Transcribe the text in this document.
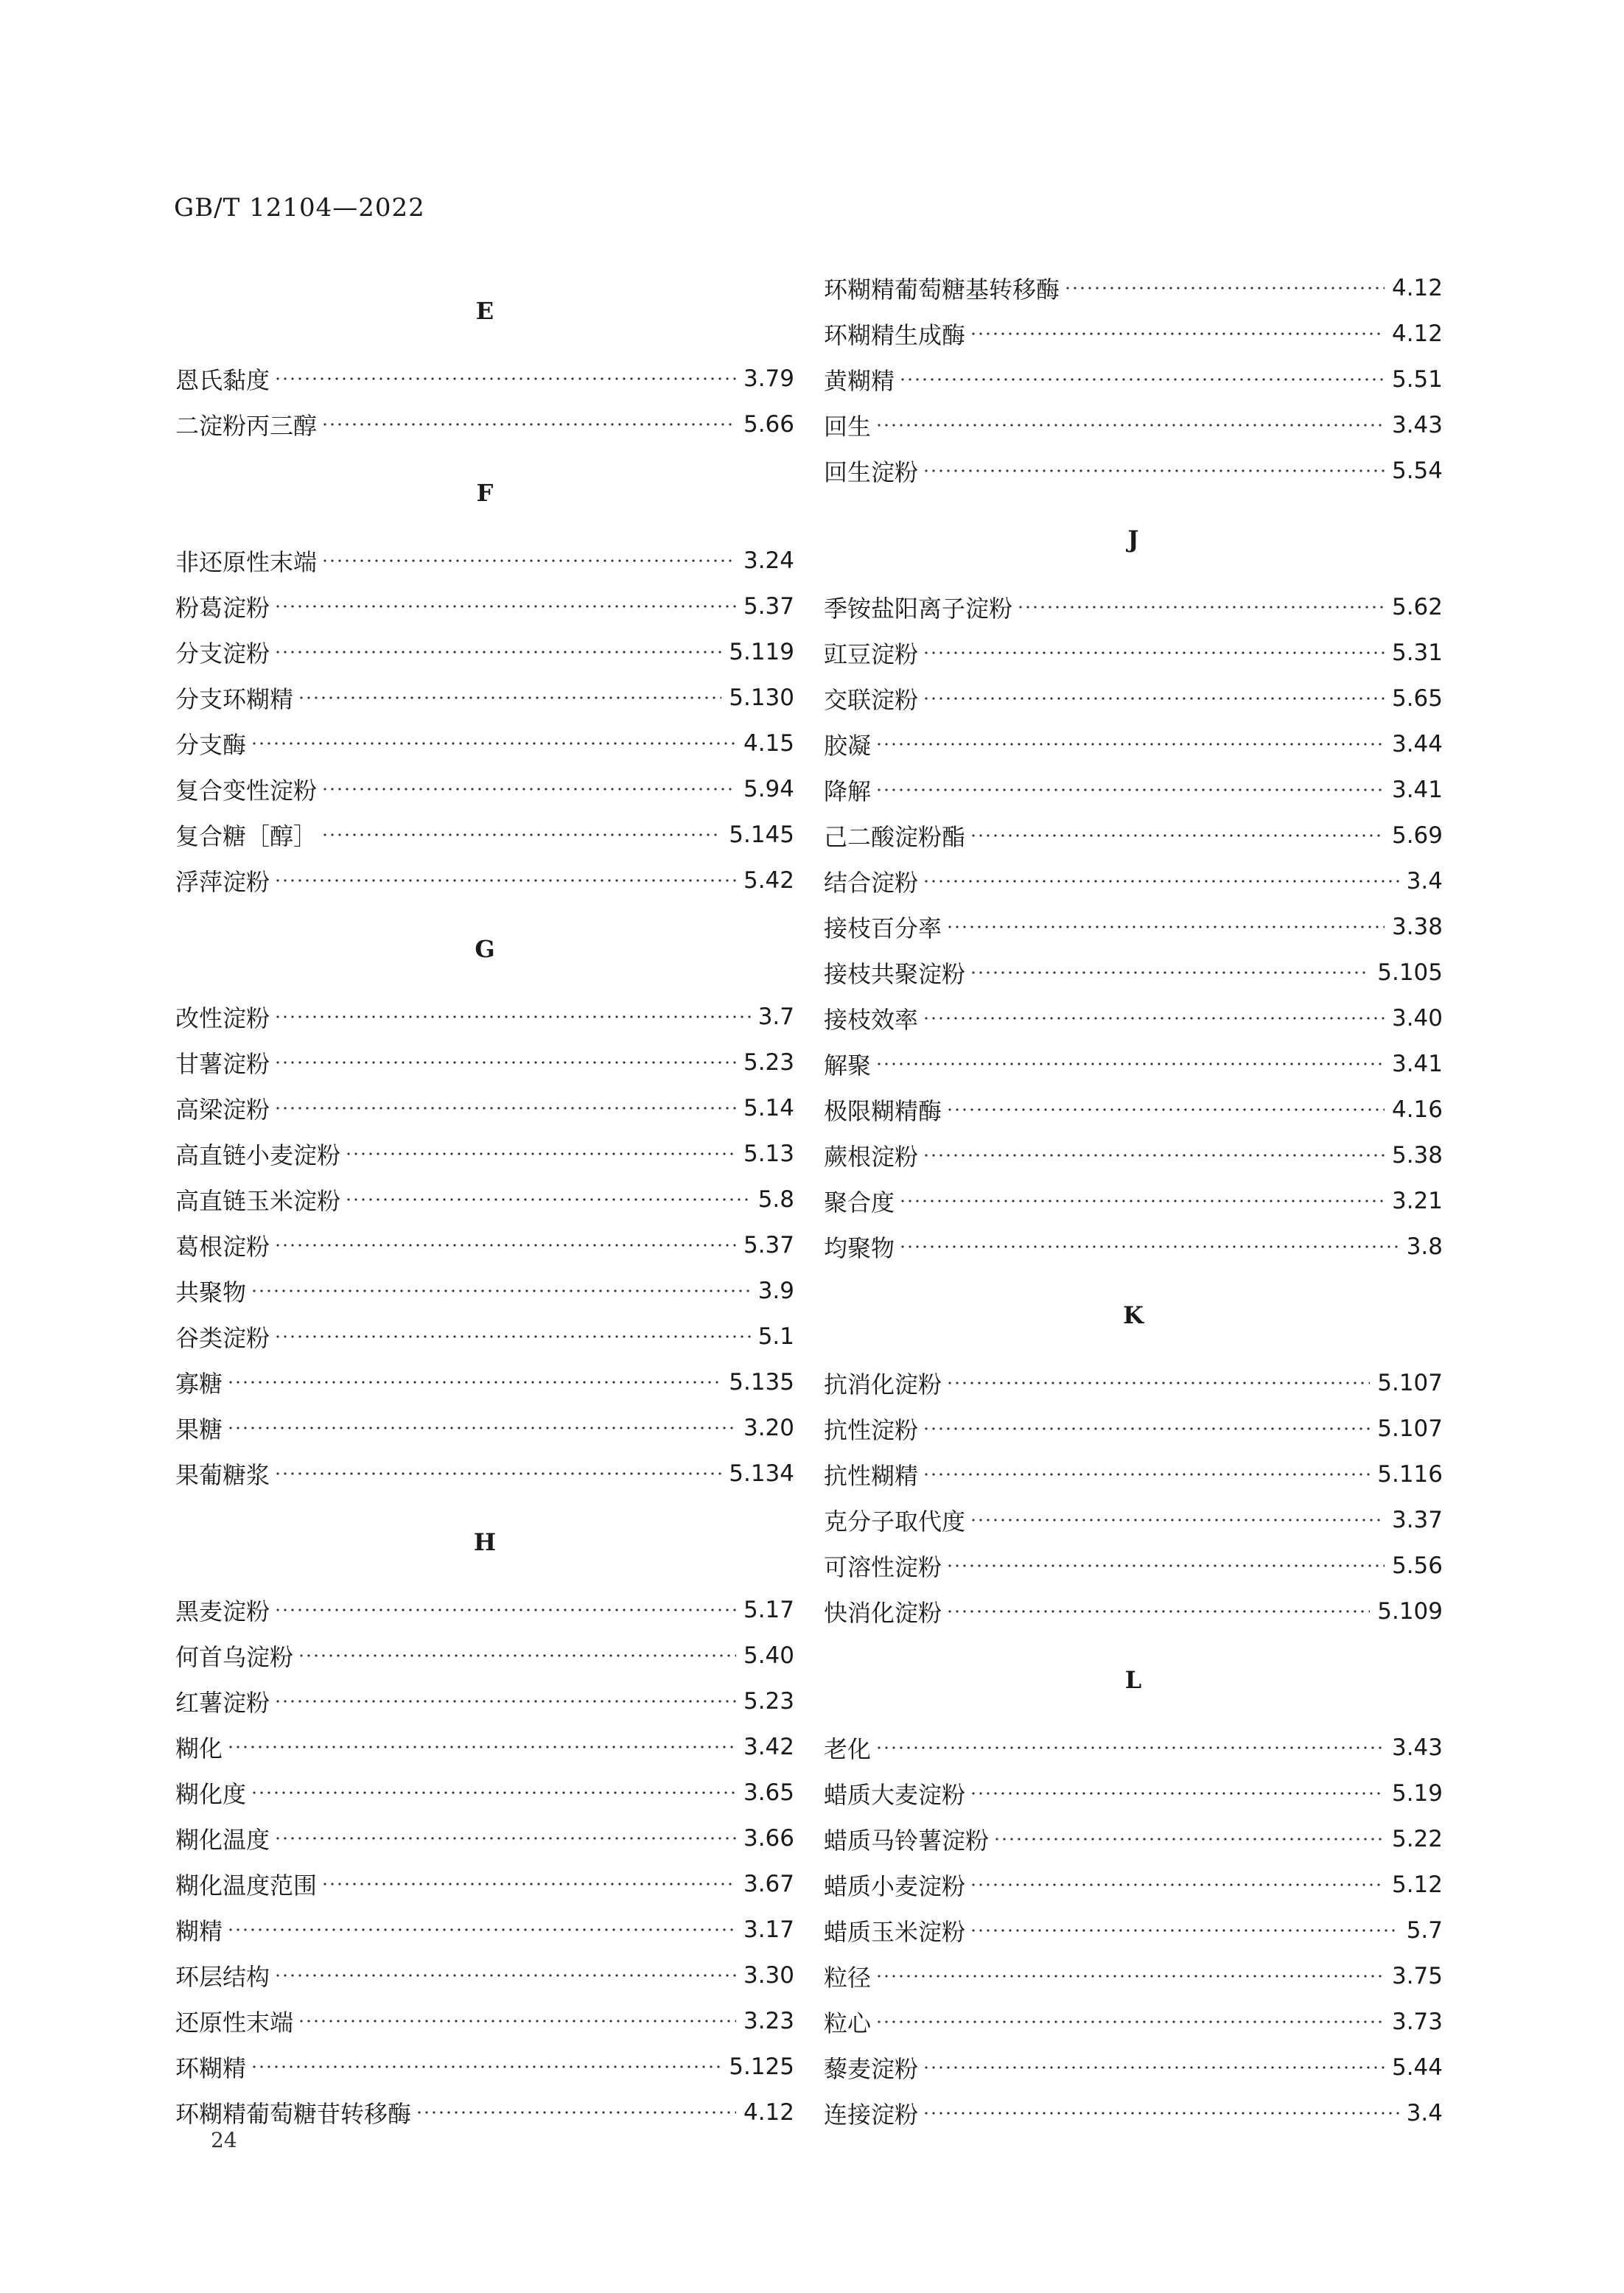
GB/T 12104—2022
E
恩氏黏度	3.79
二淀粉丙三醇	5.66
F
非还原性末端	3.24
粉葛淀粉	5.37
分支淀粉	5.119
分支环糊精	5.130
分支酶	4.15
复合变性淀粉	5.94
复合糖［醇］	5.145
浮萍淀粉	5.42
G
改性淀粉	3.7
甘薯淀粉	5.23
高梁淀粉	5.14
高直链小麦淀粉	5.13
高直链玉米淀粉	5.8
葛根淀粉	5.37
共聚物	3.9
谷类淀粉	5.1
寡糖	5.135
果糖	3.20
果葡糖浆	5.134
H
黑麦淀粉	5.17
何首乌淀粉	5.40
红薯淀粉	5.23
糊化	3.42
糊化度	3.65
糊化温度	3.66
糊化温度范围	3.67
糊精	3.17
环层结构	3.30
还原性末端	3.23
环糊精	5.125
环糊精葡萄糖苷转移酶	4.12
环糊精葡萄糖基转移酶	4.12
环糊精生成酶	4.12
黄糊精	5.51
回生	3.43
回生淀粉	5.54
J
季铵盐阳离子淀粉	5.62
豇豆淀粉	5.31
交联淀粉	5.65
胶凝	3.44
降解	3.41
己二酸淀粉酯	5.69
结合淀粉	3.4
接枝百分率	3.38
接枝共聚淀粉	5.105
接枝效率	3.40
解聚	3.41
极限糊精酶	4.16
蕨根淀粉	5.38
聚合度	3.21
均聚物	3.8
K
抗消化淀粉	5.107
抗性淀粉	5.107
抗性糊精	5.116
克分子取代度	3.37
可溶性淀粉	5.56
快消化淀粉	5.109
L
老化	3.43
蜡质大麦淀粉	5.19
蜡质马铃薯淀粉	5.22
蜡质小麦淀粉	5.12
蜡质玉米淀粉	5.7
粒径	3.75
粒心	3.73
藜麦淀粉	5.44
连接淀粉	3.4
24
